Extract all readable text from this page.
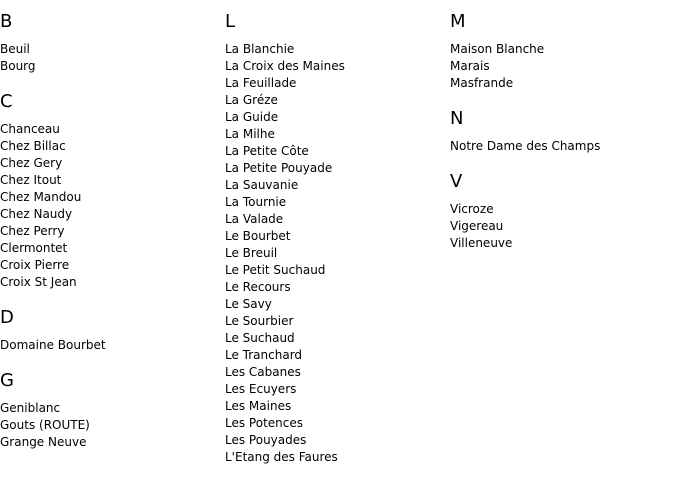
B
Beuil
Bourg
C
Chanceau
Chez Billac
Chez Gery
Chez Itout
Chez Mandou
Chez Naudy
Chez Perry
Clermontet
Croix Pierre
Croix St Jean
D
Domaine Bourbet
G
Geniblanc
Gouts (ROUTE)
Grange Neuve
L
La Blanchie
La Croix des Maines
La Feuillade
La Gréze
La Guide
La Milhe
La Petite Côte
La Petite Pouyade
La Sauvanie
La Tournie
La Valade
Le Bourbet
Le Breuil
Le Petit Suchaud
Le Recours
Le Savy
Le Sourbier
Le Suchaud
Le Tranchard
Les Cabanes
Les Ecuyers
Les Maines
Les Potences
Les Pouyades
L'Etang des Faures
M
Maison Blanche
Marais
Masfrande
N
Notre Dame des Champs
V
Vicroze
Vigereau
Villeneuve
